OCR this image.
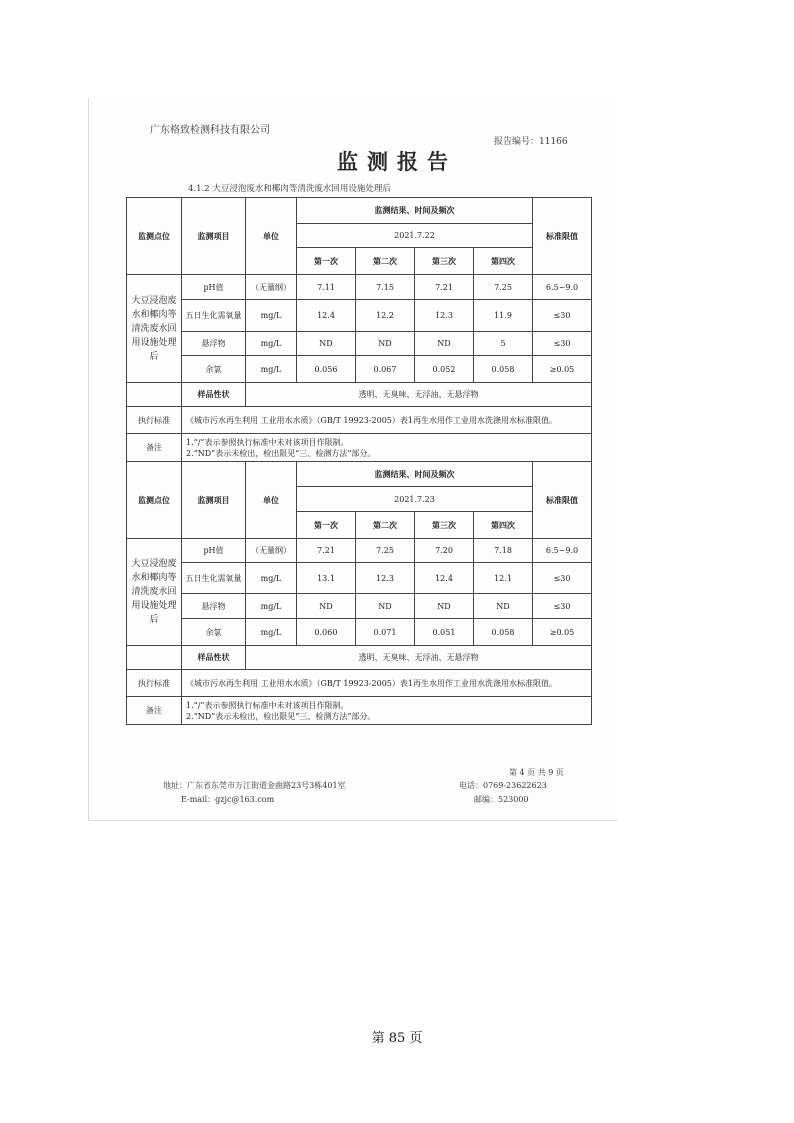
广东格致检测科技有限公司
报告编号：11166
监测报告
4.1.2 大豆浸泡废水和椰肉等清洗废水回用设施处理后
监测点位	监测项目	单位	监测结果、时间及频次				标准限值
			2021.7.22				
			第一次	第二次	第三次	第四次	
大豆浸泡废水和椰肉等清洗废水回用设施处理后	pH值	（无量纲）	7.11	7.15	7.21	7.25	6.5~9.0
	五日生化需氧量	mg/L	12.4	12.2	12.3	11.9	≤30
	悬浮物	mg/L	ND	ND	ND	5	≤30
	余氯	mg/L	0.056	0.067	0.052	0.058	≥0.05
	样品性状	透明、无臭味、无浮油、无悬浮物					
执行标准	《城市污水再生利用 工业用水水质》（GB/T 19923-2005）表1再生水用作工业用水洗涤用水标准限值。						
备注	1.“/”表示参照执行标准中未对该项目作限制。
2.“ND”表示未检出，检出限见“三、检测方法”部分。						
监测点位	监测项目	单位	监测结果、时间及频次				标准限值
			2021.7.23				
			第一次	第二次	第三次	第四次	
大豆浸泡废水和椰肉等清洗废水回用设施处理后	pH值	（无量纲）	7.21	7.25	7.20	7.18	6.5~9.0
	五日生化需氧量	mg/L	13.1	12.3	12.4	12.1	≤30
	悬浮物	mg/L	ND	ND	ND	ND	≤30
	余氯	mg/L	0.060	0.071	0.051	0.058	≥0.05
	样品性状	透明、无臭味、无浮油、无悬浮物					
执行标准	《城市污水再生利用 工业用水水质》（GB/T 19923-2005）表1再生水用作工业用水洗涤用水标准限值。						
备注	1.“/”表示参照执行标准中未对该项目作限制。
2.“ND”表示未检出，检出限见“三、检测方法”部分。						
第 4 页 共 9 页
地址：广东省东莞市万江街道金曲路23号3栋401室	电话：0769-23622623
E-mail：gzjc@163.com	邮编：523000
第 85 页
